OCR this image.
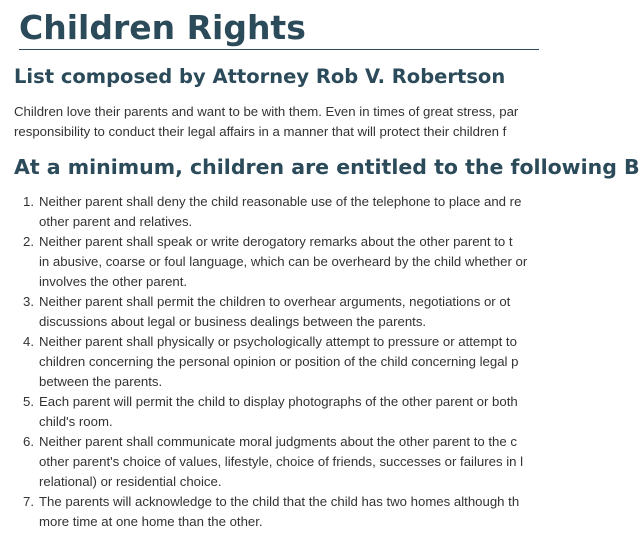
Children Rights
List composed by Attorney Rob V. Robertson

Children love their parents and want to be with them. Even in times of great stress, par
responsibility to conduct their legal affairs in a manner that will protect their children f

At a minimum, children are entitled to the following B
1. Neither parent shall deny the child reasonable use of the telephone to place and re
other parent and relatives.
2. Neither parent shall speak or write derogatory remarks about the other parent to t
in abusive, coarse or foul language, which can be overheard by the child whether or
involves the other parent.
3. Neither parent shall permit the children to overhear arguments, negotiations or ot
discussions about legal or business dealings between the parents.
4. Neither parent shall physically or psychologically attempt to pressure or attempt to
children concerning the personal opinion or position of the child concerning legal p
between the parents.
5. Each parent will permit the child to display photographs of the other parent or both
child's room.
6. Neither parent shall communicate moral judgments about the other parent to the c
other parent's choice of values, lifestyle, choice of friends, successes or failures in l
relational) or residential choice.
7. The parents will acknowledge to the child that the child has two homes although th
more time at one home than the other.
